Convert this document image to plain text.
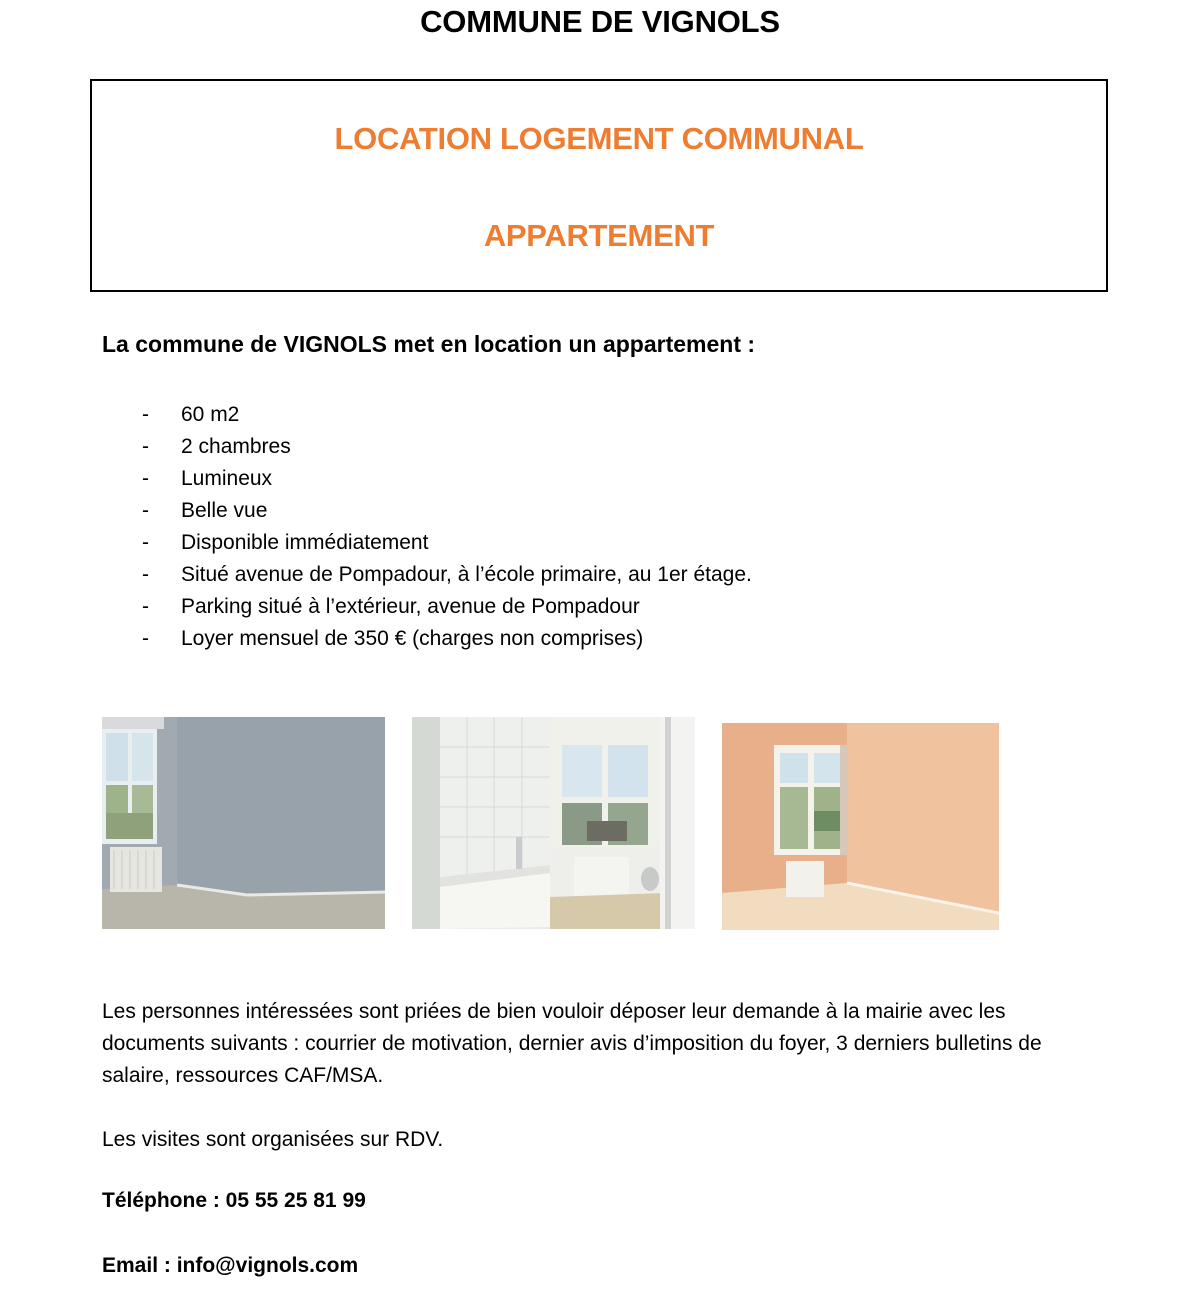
COMMUNE DE VIGNOLS
LOCATION LOGEMENT COMMUNAL
APPARTEMENT
La commune de VIGNOLS met en location un appartement :
- 60 m2
- 2 chambres
- Lumineux
- Belle vue
- Disponible immédiatement
- Situé avenue de Pompadour, à l’école primaire, au 1er étage.
- Parking situé à l’extérieur, avenue de Pompadour
- Loyer mensuel de 350 € (charges non comprises)
Les personnes intéressées sont priées de bien vouloir déposer leur demande à la mairie avec les documents suivants : courrier de motivation, dernier avis d’imposition du foyer, 3 derniers bulletins de salaire, ressources CAF/MSA.
Les visites sont organisées sur RDV.
Téléphone : 05 55 25 81 99
Email : info@vignols.com
